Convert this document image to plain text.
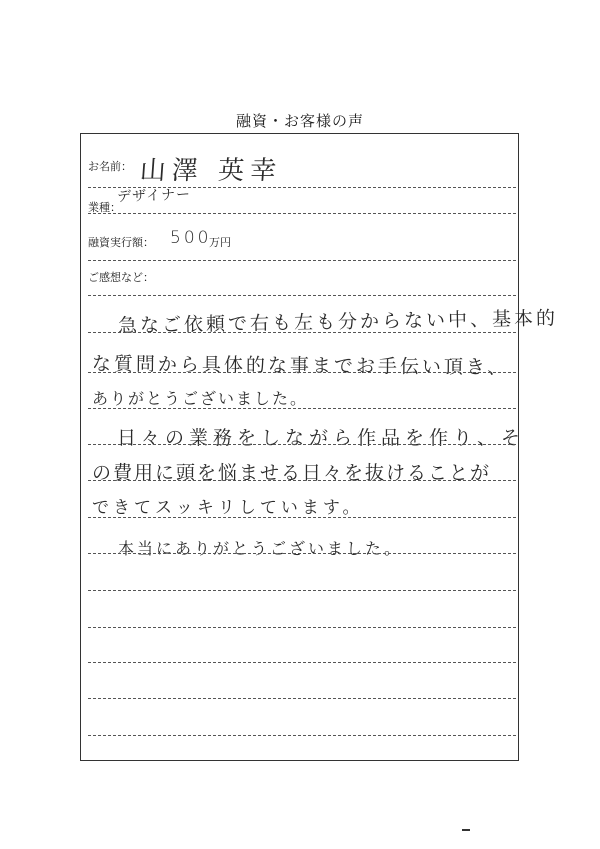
融資・お客様の声
お名前： 山澤 英幸
業種：
デザイナー
融資実行額： 500
万円
ご感想など：
急なご依頼で右も左も分からない中、基本的
な質問から具体的な事までお手伝い頂き、
ありがとうございました。
日々の業務をしながら作品を作り、そ
の費用に頭を悩ませる日々を抜けることが
できてスッキリしています。
本当にありがとうございました。
